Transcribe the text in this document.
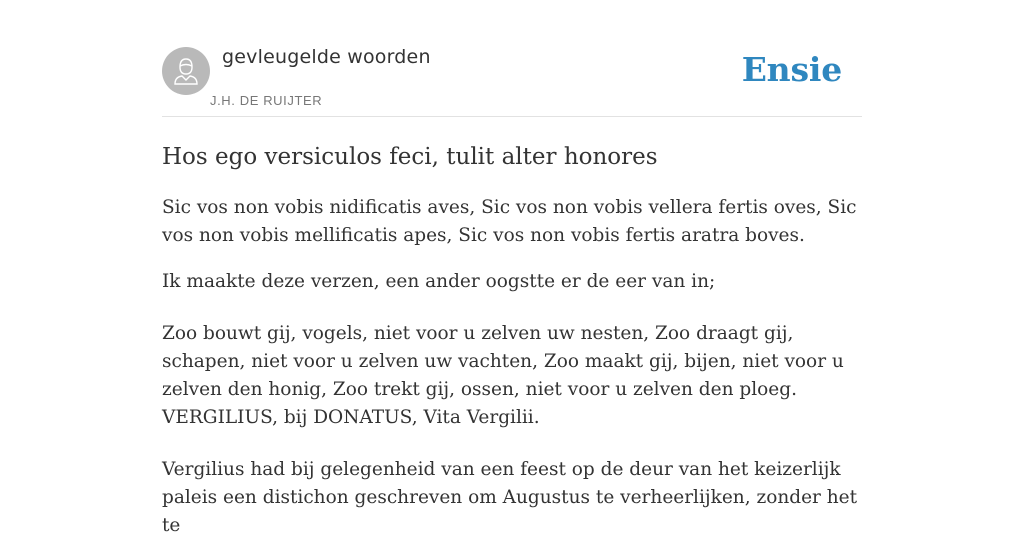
gevleugelde woorden
J.H. DE RUIJTER
Ensie
Hos ego versiculos feci, tulit alter honores

Sic vos non vobis nidificatis aves, Sic vos non vobis vellera fertis oves, Sic vos non vobis mellificatis apes, Sic vos non vobis fertis aratra boves.

Ik maakte deze verzen, een ander oogstte er de eer van in;

Zoo bouwt gij, vogels, niet voor u zelven uw nesten, Zoo draagt gij, schapen, niet voor u zelven uw vachten, Zoo maakt gij, bijen, niet voor u zelven den honig, Zoo trekt gij, ossen, niet voor u zelven den ploeg. VERGILIUS, bij DONATUS, Vita Vergilii.

Vergilius had bij gelegenheid van een feest op de deur van het keizerlijk paleis een distichon geschreven om Augustus te verheerlijken, zonder het te
